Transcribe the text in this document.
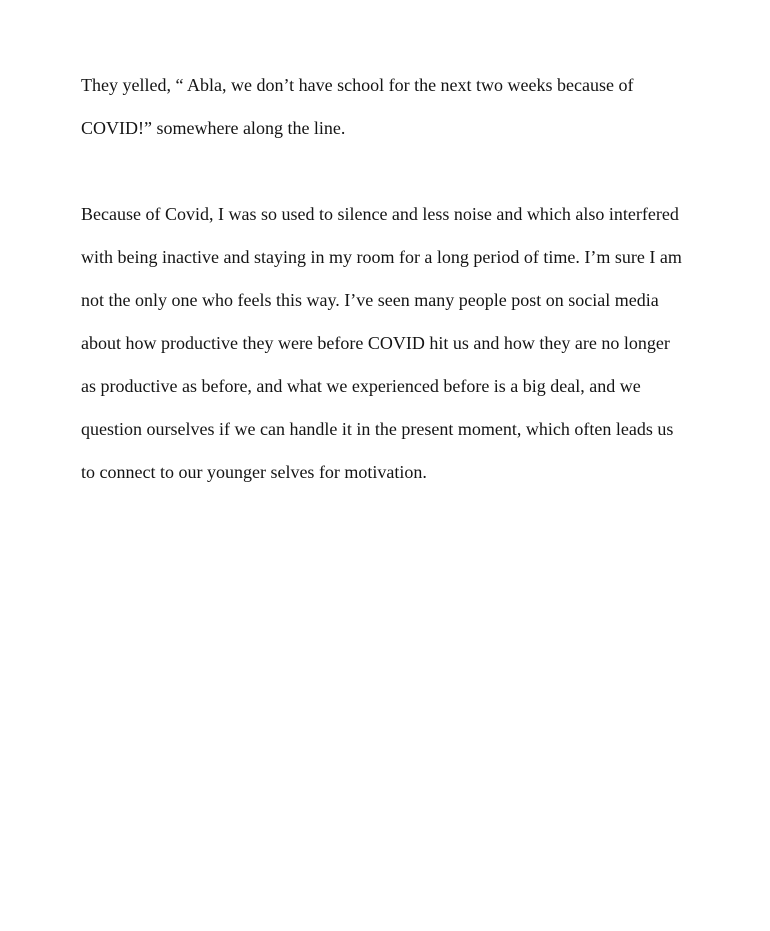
They yelled, “ Abla, we don’t have school for the next two weeks because of
COVID!” somewhere along the line.

Because of Covid, I was so used to silence and less noise and which also interfered
with being inactive and staying in my room for a long period of time. I’m sure I am
not the only one who feels this way. I’ve seen many people post on social media
about how productive they were before COVID hit us and how they are no longer
as productive as before, and what we experienced before is a big deal, and we
question ourselves if we can handle it in the present moment, which often leads us
to connect to our younger selves for motivation.
